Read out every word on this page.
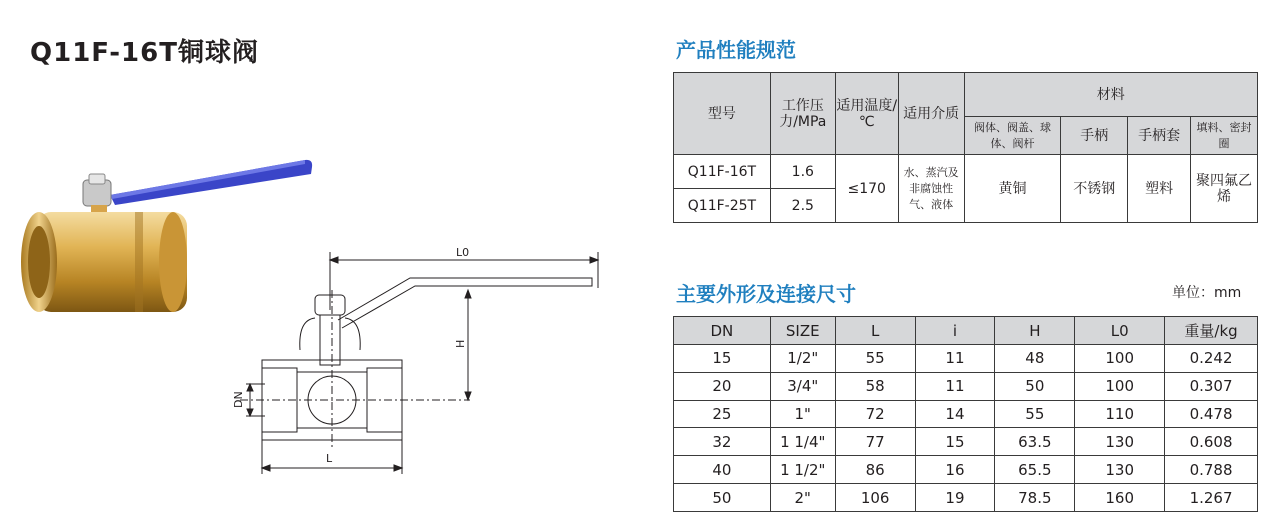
Q11F-16T铜球阀
L0
H
DN
L
产品性能规范
型号	工作压力/MPa	适用温度/℃	适用介质	材料			
				阀体、阀盖、球体、阀杆	手柄	手柄套	填料、密封圈
Q11F-16T	1.6	≤170	水、蒸汽及非腐蚀性气、液体	黄铜	不锈钢	塑料	聚四氟乙烯
Q11F-25T	2.5						
主要外形及连接尺寸	单位：mm
DN	SIZE	L	i	H	L0	重量/kg
15	1/2"	55	11	48	100	0.242
20	3/4"	58	11	50	100	0.307
25	1"	72	14	55	110	0.478
32	1 1/4"	77	15	63.5	130	0.608
40	1 1/2"	86	16	65.5	130	0.788
50	2"	106	19	78.5	160	1.267
